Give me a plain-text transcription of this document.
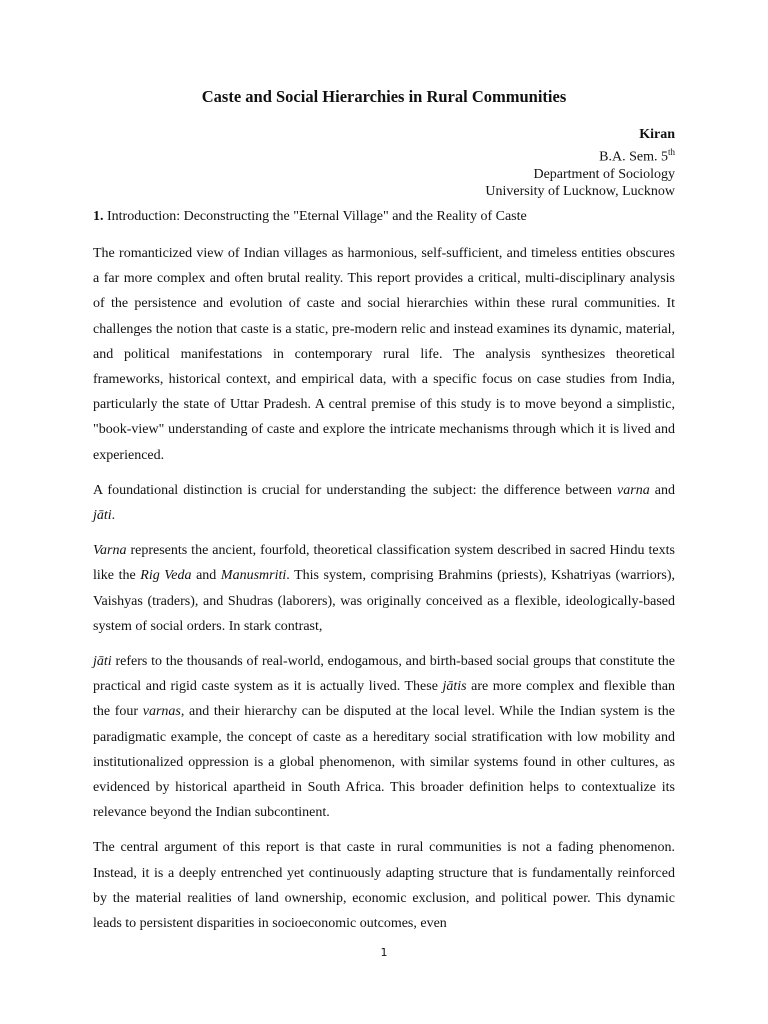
Caste and Social Hierarchies in Rural Communities
Kiran
B.A. Sem. 5th
Department of Sociology
University of Lucknow, Lucknow
1. Introduction: Deconstructing the "Eternal Village" and the Reality of Caste

The romanticized view of Indian villages as harmonious, self-sufficient, and timeless entities obscures a far more complex and often brutal reality. This report provides a critical, multi-disciplinary analysis of the persistence and evolution of caste and social hierarchies within these rural communities. It challenges the notion that caste is a static, pre-modern relic and instead examines its dynamic, material, and political manifestations in contemporary rural life. The analysis synthesizes theoretical frameworks, historical context, and empirical data, with a specific focus on case studies from India, particularly the state of Uttar Pradesh. A central premise of this study is to move beyond a simplistic, "book-view" understanding of caste and explore the intricate mechanisms through which it is lived and experienced.

A foundational distinction is crucial for understanding the subject: the difference between varna and jāti.

Varna represents the ancient, fourfold, theoretical classification system described in sacred Hindu texts like the Rig Veda and Manusmriti. This system, comprising Brahmins (priests), Kshatriyas (warriors), Vaishyas (traders), and Shudras (laborers), was originally conceived as a flexible, ideologically-based system of social orders. In stark contrast,

jāti refers to the thousands of real-world, endogamous, and birth-based social groups that constitute the practical and rigid caste system as it is actually lived. These jātis are more complex and flexible than the four varnas, and their hierarchy can be disputed at the local level. While the Indian system is the paradigmatic example, the concept of caste as a hereditary social stratification with low mobility and institutionalized oppression is a global phenomenon, with similar systems found in other cultures, as evidenced by historical apartheid in South Africa. This broader definition helps to contextualize its relevance beyond the Indian subcontinent.

The central argument of this report is that caste in rural communities is not a fading phenomenon. Instead, it is a deeply entrenched yet continuously adapting structure that is fundamentally reinforced by the material realities of land ownership, economic exclusion, and political power. This dynamic leads to persistent disparities in socioeconomic outcomes, even

1
